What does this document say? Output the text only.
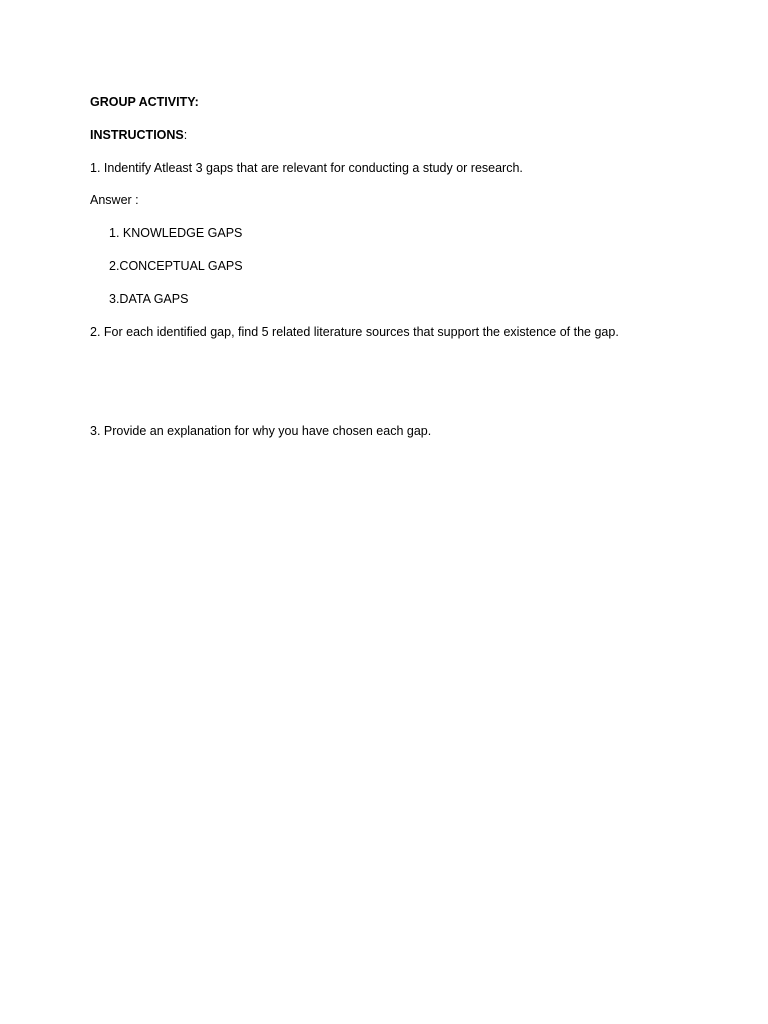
GROUP ACTIVITY:
INSTRUCTIONS:
1. Indentify Atleast 3 gaps that are relevant for conducting a study or research.
Answer :
1. KNOWLEDGE GAPS
2.CONCEPTUAL GAPS
3.DATA GAPS
2. For each identified gap, find 5 related literature sources that support the existence of the gap.
3. Provide an explanation for why you have chosen each gap.
